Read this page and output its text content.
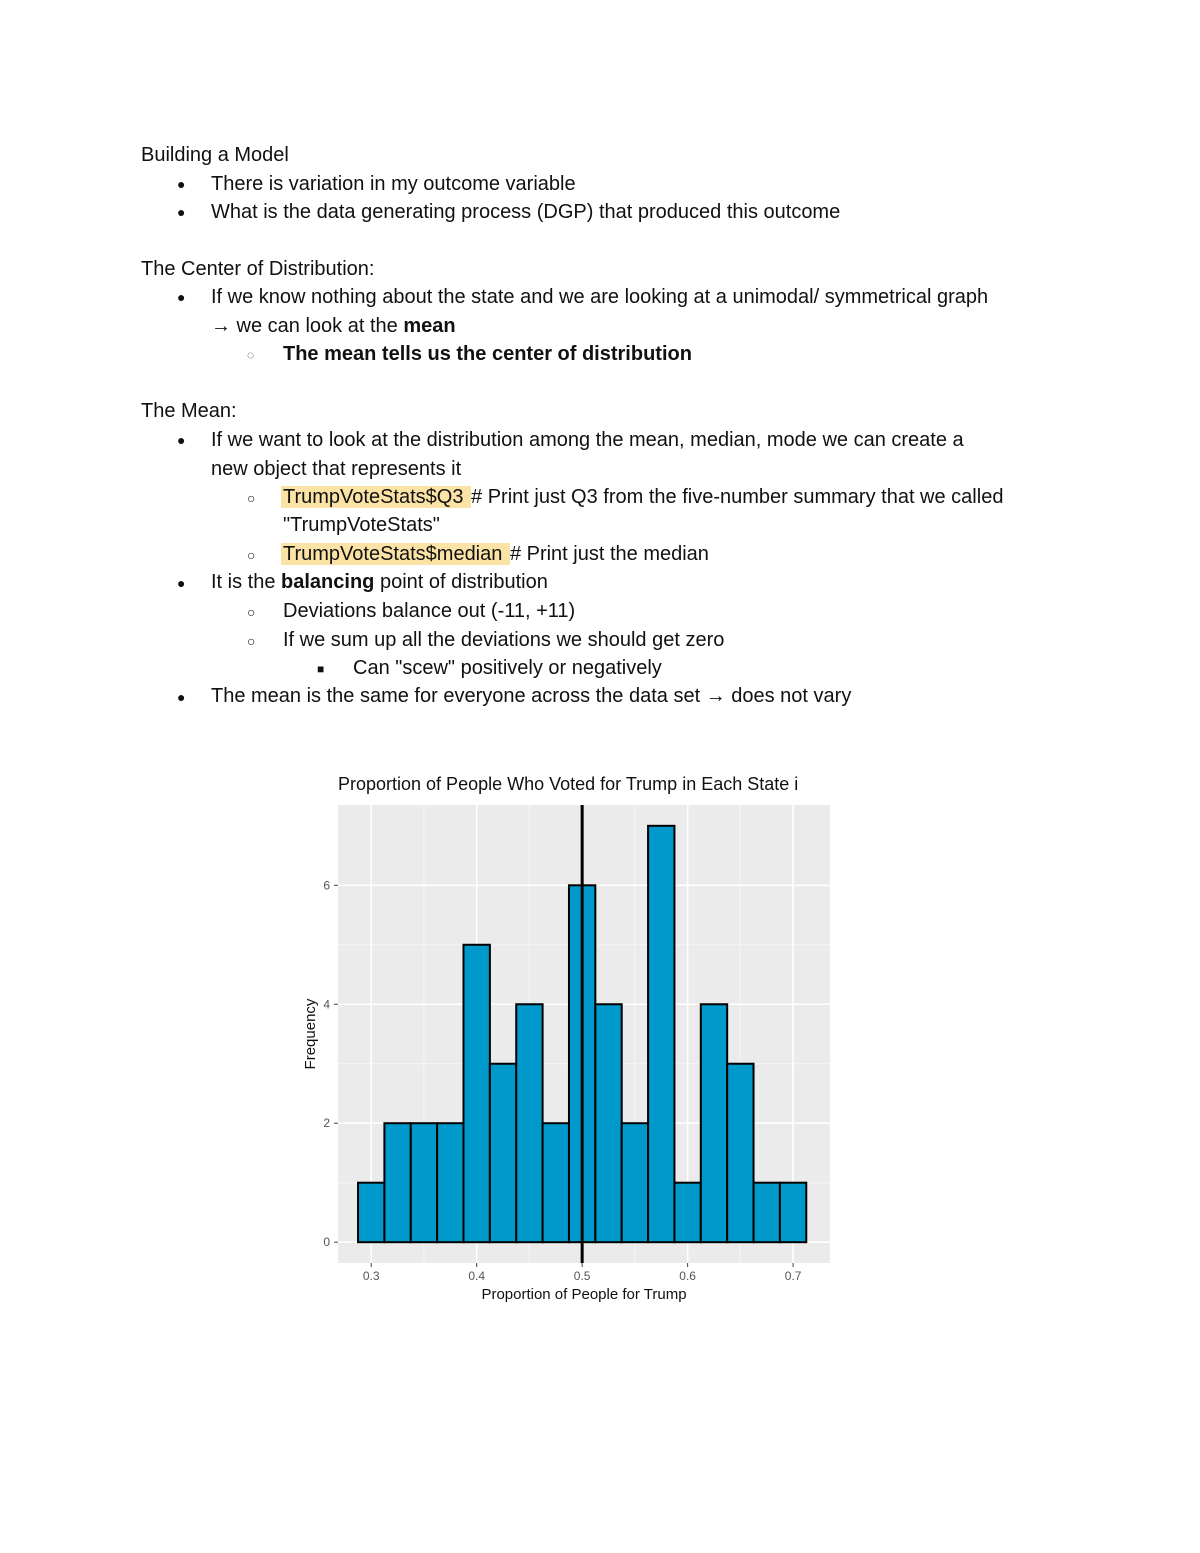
Building a Model
● There is variation in my outcome variable
● What is the data generating process (DGP) that produced this outcome
The Center of Distribution:
● If we know nothing about the state and we are looking at a unimodal/ symmetrical graph
→ we can look at the mean
◌ The mean tells us the center of distribution
The Mean:
● If we want to look at the distribution among the mean, median, mode we can create a
new object that represents it
○ TrumpVoteStats$Q3 # Print just Q3 from the five-number summary that we called
"TrumpVoteStats"
○ TrumpVoteStats$median # Print just the median
● It is the balancing point of distribution
○ Deviations balance out (-11, +11)
○ If we sum up all the deviations we should get zero
■ Can "scew" positively or negatively
● The mean is the same for everyone across the data set → does not vary
Proportion of People Who Voted for Trump in Each State i
0.3	0.4	0.5	0.6	0.7
0
2
4
6
Proportion of People for Trump
Frequency
